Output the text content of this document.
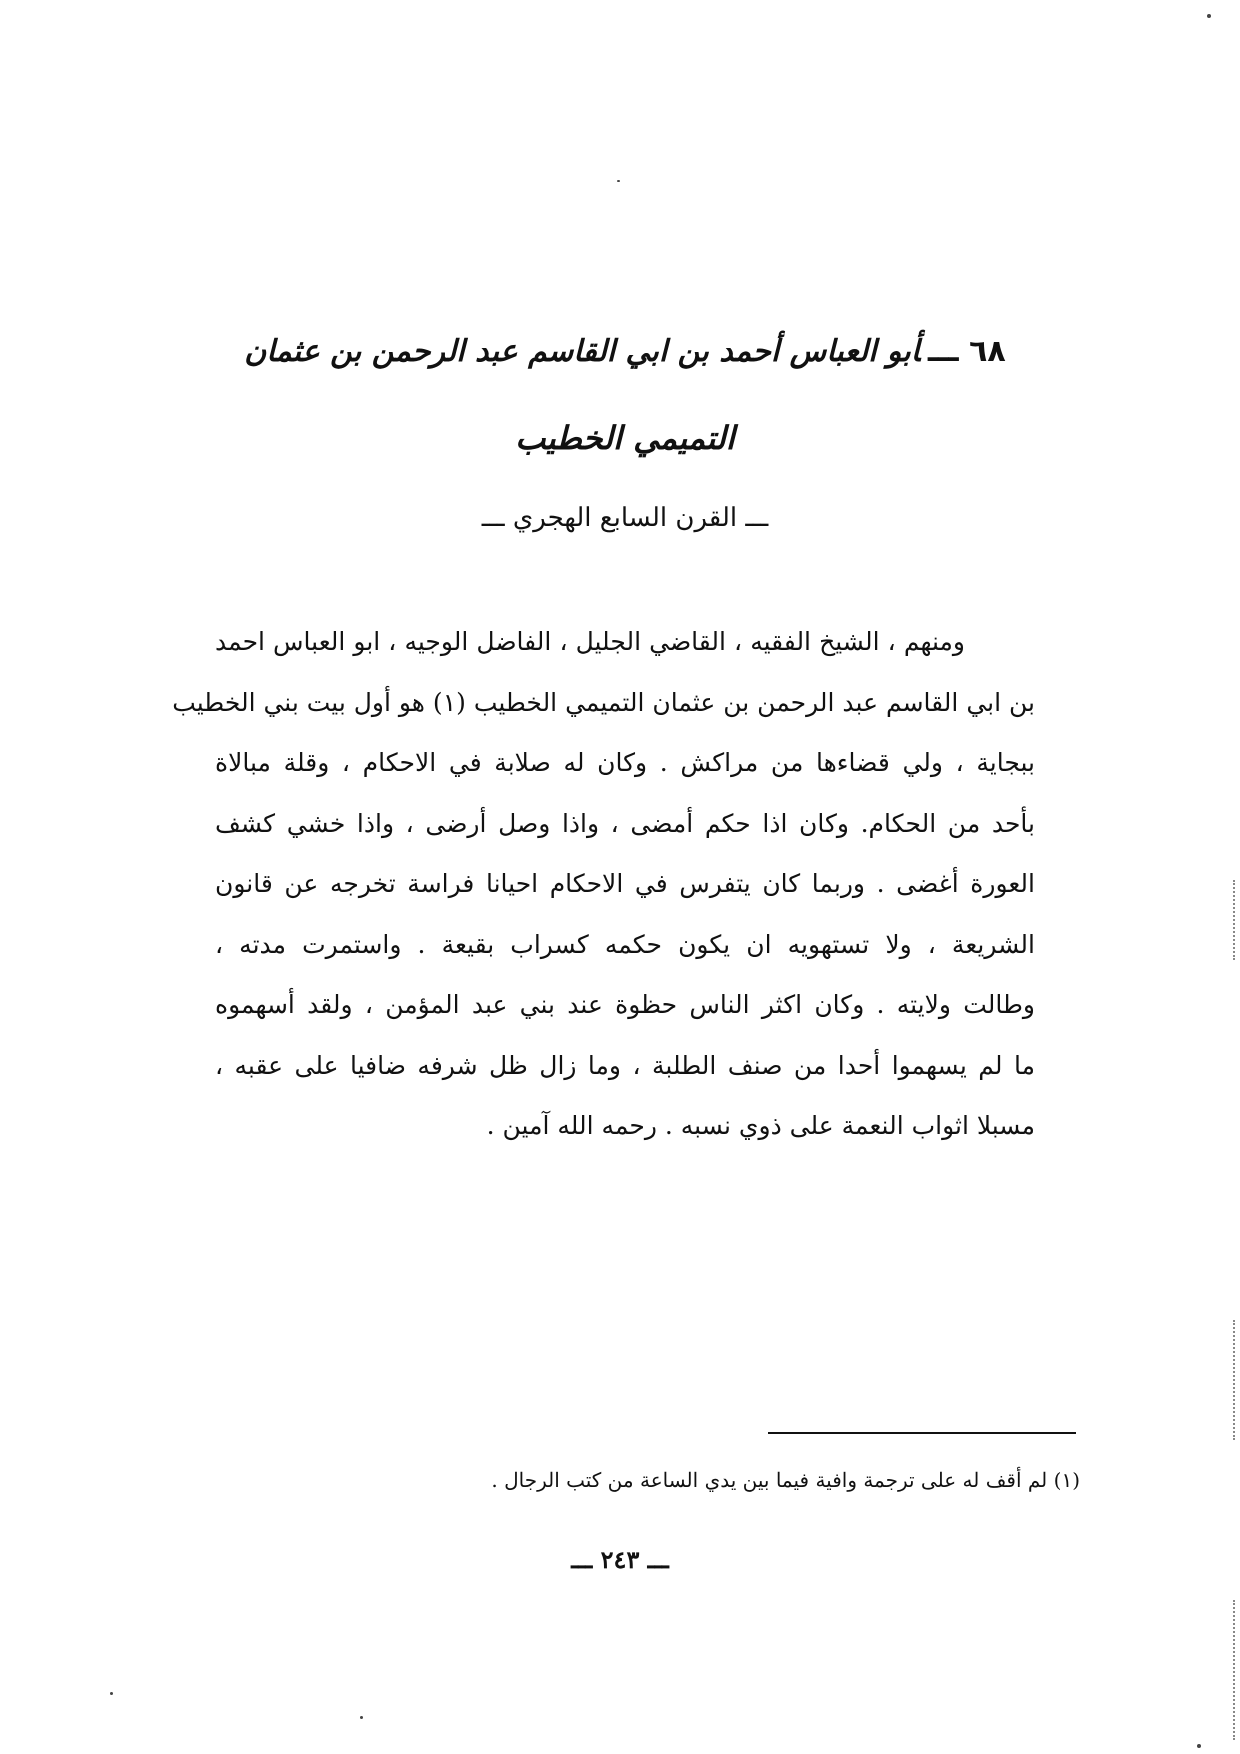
٦٨ ـــأبو العباس أحمد بن ابي القاسم عبد الرحمن بن عثمان
التميمي الخطيب
ـــ القرن السابع الهجري ـــ
ومنهم ، الشيخ الفقيه ، القاضي الجليل ، الفاضل الوجيه ، ابو العباس احمد
بن ابي القاسم عبد الرحمن بن عثمان التميمي الخطيب (١) هو أول بيت بني الخطيب
ببجاية ، ولي قضاءها من مراكش . وكان له صلابة في الاحكام ، وقلة مبالاة
بأحد من الحكام. وكان اذا حكم أمضى ، واذا وصل أرضى ، واذا خشي كشف
العورة أغضى . وربما كان يتفرس في الاحكام احيانا فراسة تخرجه عن قانون
الشريعة ، ولا تستهويه ان يكون حكمه كسراب بقيعة . واستمرت مدته ،
وطالت ولايته . وكان اكثر الناس حظوة عند بني عبد المؤمن ، ولقد أسهموه
ما لم يسهموا أحدا من صنف الطلبة ، وما زال ظل شرفه ضافيا على عقبه ،
مسبلا اثواب النعمة على ذوي نسبه . رحمه الله آمين .
(١) لم أقف له على ترجمة وافية فيما بين يدي الساعة من كتب الرجال .
ـــ ٢٤٣ ـــ
